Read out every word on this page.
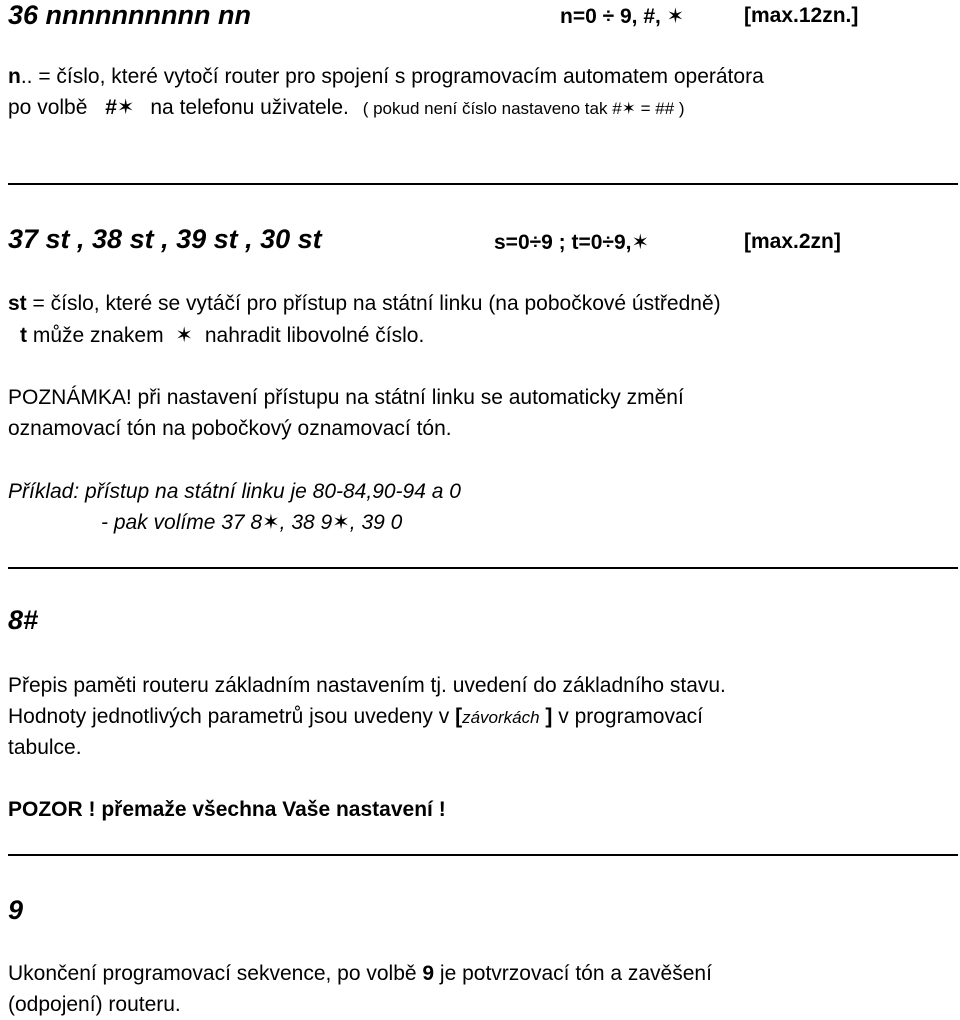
36 nnnnnnnnnn nn	n=0 ÷ 9, #, ✶	[max.12zn.]
n.. = číslo, které vytočí router pro spojení s programovacím automatem operátora
po volbě #✶ na telefonu uživatele. ( pokud není číslo nastaveno tak #✶ = ## )
37 st , 38 st , 39 st , 30 st	s=0÷9 ; t=0÷9,✶	[max.2zn]
st = číslo, které se vytáčí pro přístup na státní linku (na pobočkové ústředně)
t může znakem ✶ nahradit libovolné číslo.
POZNÁMKA! při nastavení přístupu na státní linku se automaticky změní
oznamovací tón na pobočkový oznamovací tón.
Příklad: přístup na státní linku je 80-84,90-94 a 0
- pak volíme 37 8✶, 38 9✶, 39 0
8#
Přepis paměti routeru základním nastavením tj. uvedení do základního stavu.
Hodnoty jednotlivých parametrů jsou uvedeny v [závorkách ] v programovací
tabulce.
POZOR ! přemaže všechna Vaše nastavení !
9
Ukončení programovací sekvence, po volbě 9 je potvrzovací tón a zavěšení
(odpojení) routeru.
